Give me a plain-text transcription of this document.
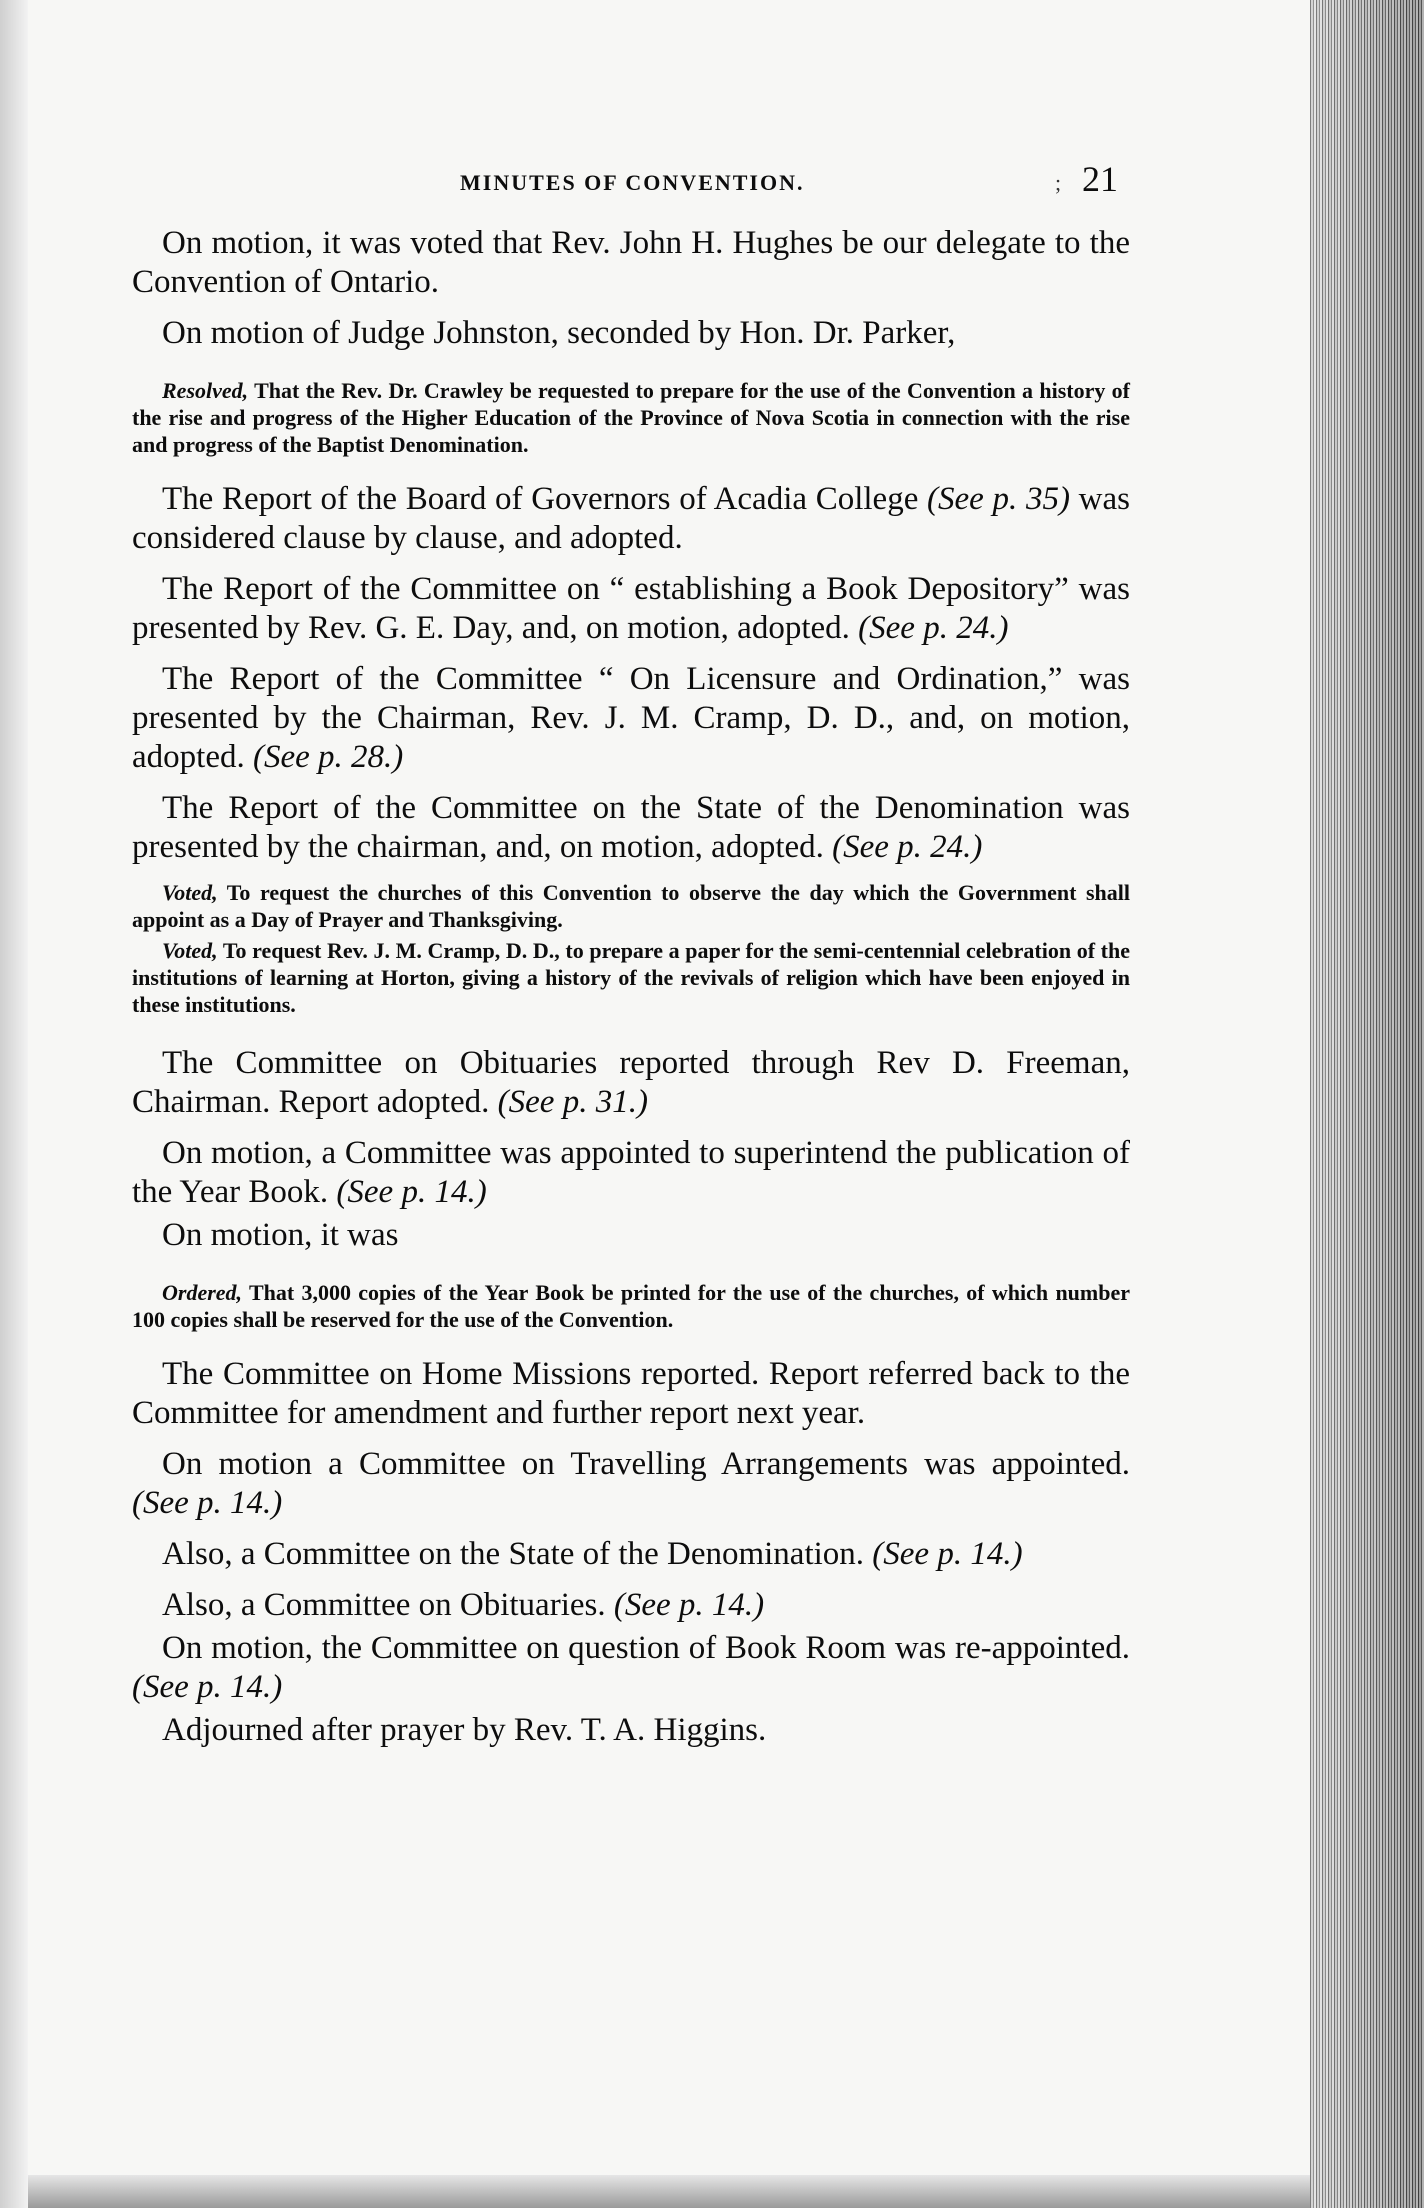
MINUTES OF CONVENTION.	; 21

On motion, it was voted that Rev. John H. Hughes be our delegate to the Convention of Ontario.

On motion of Judge Johnston, seconded by Hon. Dr. Parker,

Resolved, That the Rev. Dr. Crawley be requested to prepare for the use of the Convention a history of the rise and progress of the Higher Education of the Province of Nova Scotia in connection with the rise and progress of the Baptist Denomination.

The Report of the Board of Governors of Acadia College (See p. 35) was considered clause by clause, and adopted.

The Report of the Committee on “ establishing a Book Depository” was presented by Rev. G. E. Day, and, on motion, adopted. (See p. 24.)

The Report of the Committee “ On Licensure and Ordination,” was presented by the Chairman, Rev. J. M. Cramp, D. D., and, on motion, adopted. (See p. 28.)

The Report of the Committee on the State of the Denomination was presented by the chairman, and, on motion, adopted. (See p. 24.)

Voted, To request the churches of this Convention to observe the day which the Government shall appoint as a Day of Prayer and Thanksgiving.

Voted, To request Rev. J. M. Cramp, D. D., to prepare a paper for the semi-centennial celebration of the institutions of learning at Horton, giving a history of the revivals of religion which have been enjoyed in these institutions.

The Committee on Obituaries reported through Rev D. Freeman, Chairman. Report adopted. (See p. 31.)

On motion, a Committee was appointed to superintend the publication of the Year Book. (See p. 14.)

On motion, it was

Ordered, That 3,000 copies of the Year Book be printed for the use of the churches, of which number 100 copies shall be reserved for the use of the Convention.

The Committee on Home Missions reported. Report referred back to the Committee for amendment and further report next year.

On motion a Committee on Travelling Arrangements was appointed. (See p. 14.)

Also, a Committee on the State of the Denomination. (See p. 14.)

Also, a Committee on Obituaries. (See p. 14.)

On motion, the Committee on question of Book Room was re-appointed. (See p. 14.)

Adjourned after prayer by Rev. T. A. Higgins.
